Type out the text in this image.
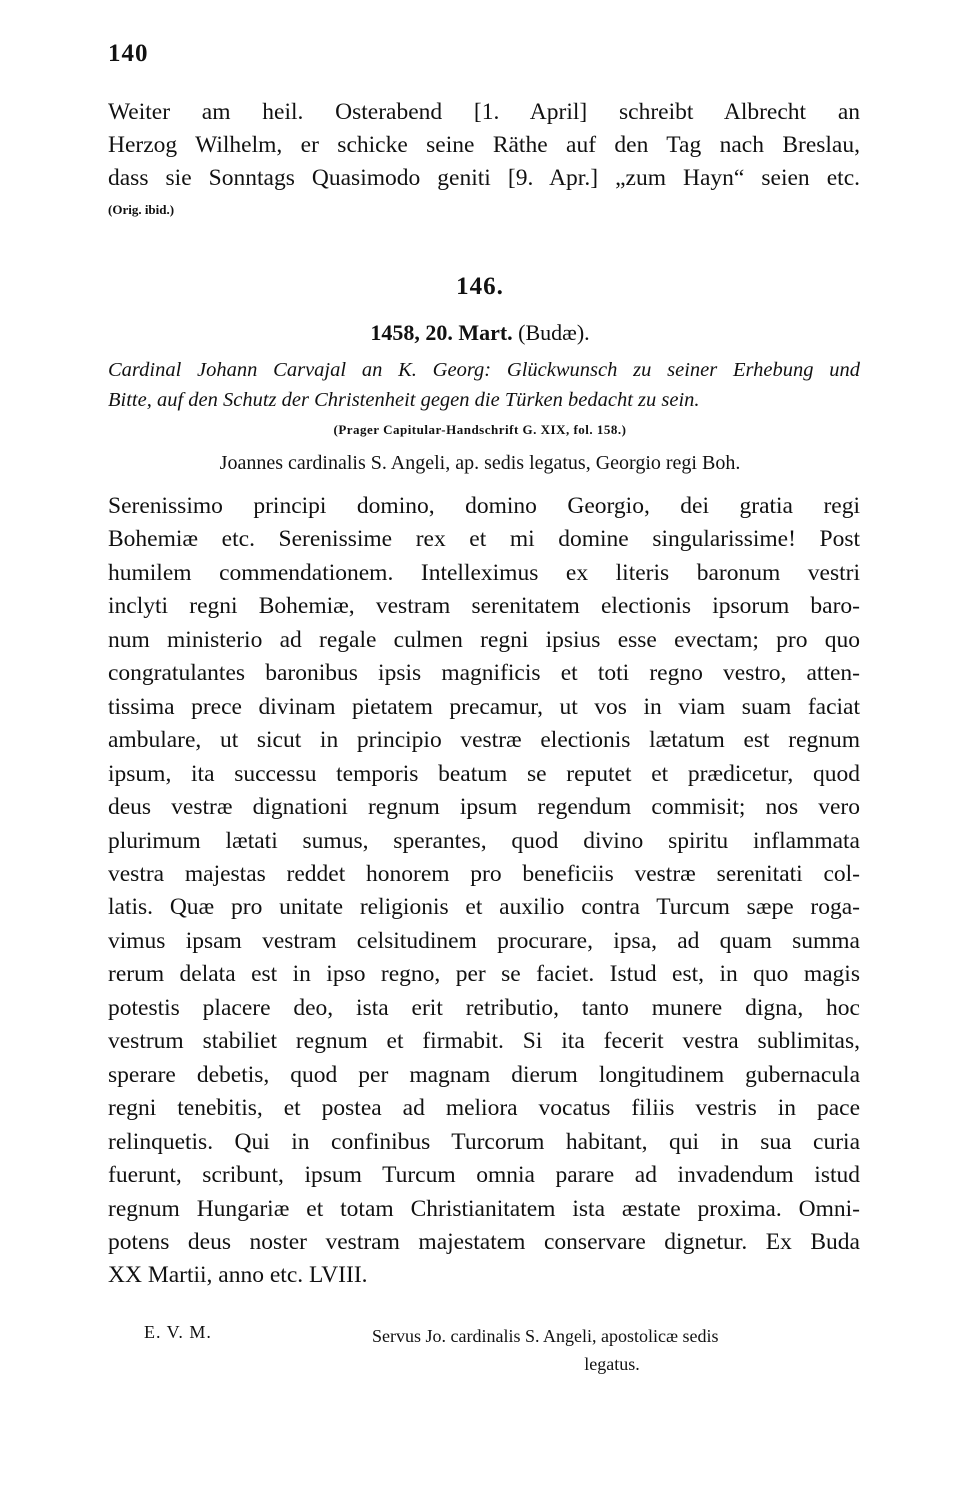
140
Weiter am heil. Osterabend [1. April] schreibt Albrecht an
Herzog Wilhelm, er schicke seine Räthe auf den Tag nach Breslau,
dass sie Sonntags Quasimodo geniti [9. Apr.] „zum Hayn“ seien etc.
(Orig. ibid.)
146.
1458, 20. Mart. (Budæ).
Cardinal Johann Carvajal an K. Georg: Glückwunsch zu seiner Erhebung und
Bitte, auf den Schutz der Christenheit gegen die Türken bedacht zu sein.
(Prager Capitular-Handschrift G. XIX, fol. 158.)
Joannes cardinalis S. Angeli, ap. sedis legatus, Georgio regi Boh.
Serenissimo principi domino, domino Georgio, dei gratia regi
Bohemiæ etc. Serenissime rex et mi domine singularissime! Post
humilem commendationem. Intelleximus ex literis baronum vestri
inclyti regni Bohemiæ, vestram serenitatem electionis ipsorum baro-
num ministerio ad regale culmen regni ipsius esse evectam; pro quo
congratulantes baronibus ipsis magnificis et toti regno vestro, atten-
tissima prece divinam pietatem precamur, ut vos in viam suam faciat
ambulare, ut sicut in principio vestræ electionis lætatum est regnum
ipsum, ita successu temporis beatum se reputet et prædicetur, quod
deus vestræ dignationi regnum ipsum regendum commisit; nos vero
plurimum lætati sumus, sperantes, quod divino spiritu inflammata
vestra majestas reddet honorem pro beneficiis vestræ serenitati col-
latis. Quæ pro unitate religionis et auxilio contra Turcum sæpe roga-
vimus ipsam vestram celsitudinem procurare, ipsa, ad quam summa
rerum delata est in ipso regno, per se faciet. Istud est, in quo magis
potestis placere deo, ista erit retributio, tanto munere digna, hoc
vestrum stabiliet regnum et firmabit. Si ita fecerit vestra sublimitas,
sperare debetis, quod per magnam dierum longitudinem gubernacula
regni tenebitis, et postea ad meliora vocatus filiis vestris in pace
relinquetis. Qui in confinibus Turcorum habitant, qui in sua curia
fuerunt, scribunt, ipsum Turcum omnia parare ad invadendum istud
regnum Hungariæ et totam Christianitatem ista æstate proxima. Omni-
potens deus noster vestram majestatem conservare dignetur. Ex Buda
XX Martii, anno etc. LVIII.
E. V. M.	Servus Jo. cardinalis S. Angeli, apostolicæ sedis
legatus.
